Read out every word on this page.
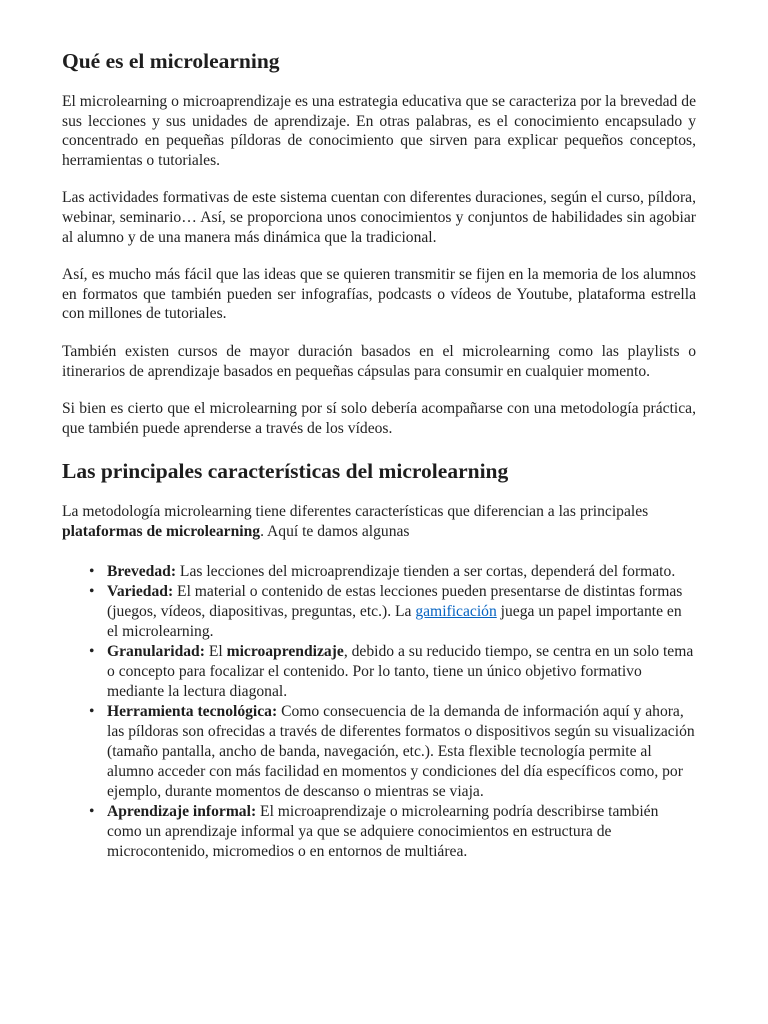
Qué es el microlearning

El microlearning o microaprendizaje es una estrategia educativa que se caracteriza por la brevedad de sus lecciones y sus unidades de aprendizaje. En otras palabras, es el conocimiento encapsulado y concentrado en pequeñas píldoras de conocimiento que sirven para explicar pequeños conceptos, herramientas o tutoriales.

Las actividades formativas de este sistema cuentan con diferentes duraciones, según el curso, píldora, webinar, seminario… Así, se proporciona unos conocimientos y conjuntos de habilidades sin agobiar al alumno y de una manera más dinámica que la tradicional.

Así, es mucho más fácil que las ideas que se quieren transmitir se fijen en la memoria de los alumnos en formatos que también pueden ser infografías, podcasts o vídeos de Youtube, plataforma estrella con millones de tutoriales.

También existen cursos de mayor duración basados en el microlearning como las playlists o itinerarios de aprendizaje basados en pequeñas cápsulas para consumir en cualquier momento.

Si bien es cierto que el microlearning por sí solo debería acompañarse con una metodología práctica, que también puede aprenderse a través de los vídeos.

Las principales características del microlearning

La metodología microlearning tiene diferentes características que diferencian a las principales plataformas de microlearning. Aquí te damos algunas

• Brevedad: Las lecciones del microaprendizaje tienden a ser cortas, dependerá del formato.
• Variedad: El material o contenido de estas lecciones pueden presentarse de distintas formas (juegos, vídeos, diapositivas, preguntas, etc.). La gamificación juega un papel importante en el microlearning.
• Granularidad: El microaprendizaje, debido a su reducido tiempo, se centra en un solo tema o concepto para focalizar el contenido. Por lo tanto, tiene un único objetivo formativo mediante la lectura diagonal.
• Herramienta tecnológica: Como consecuencia de la demanda de información aquí y ahora, las píldoras son ofrecidas a través de diferentes formatos o dispositivos según su visualización (tamaño pantalla, ancho de banda, navegación, etc.). Esta flexible tecnología permite al alumno acceder con más facilidad en momentos y condiciones del día específicos como, por ejemplo, durante momentos de descanso o mientras se viaja.
• Aprendizaje informal: El microaprendizaje o microlearning podría describirse también como un aprendizaje informal ya que se adquiere conocimientos en estructura de microcontenido, micromedios o en entornos de multiárea.
